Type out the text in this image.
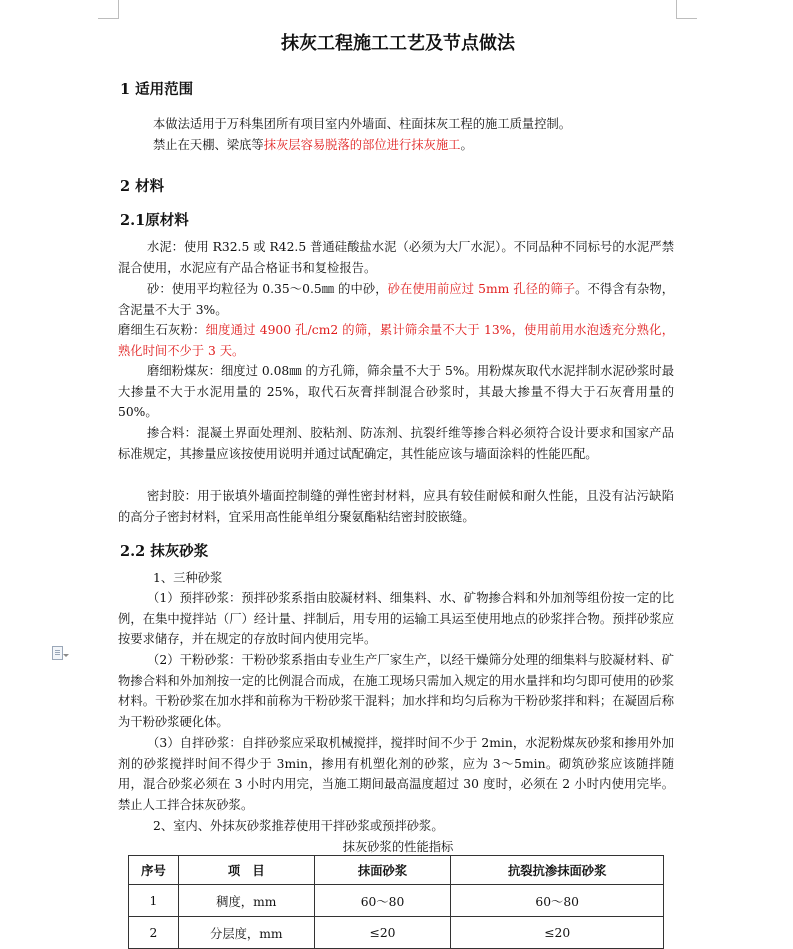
抹灰工程施工工艺及节点做法
1 适用范围
本做法适用于万科集团所有项目室内外墙面、柱面抹灰工程的施工质量控制。
禁止在天棚、梁底等抹灰层容易脱落的部位进行抹灰施工。
2 材料
2.1原材料
水泥：使用 R32.5 或 R42.5 普通硅酸盐水泥（必须为大厂水泥）。不同品种不同标号的水泥严禁混合使用，水泥应有产品合格证书和复检报告。
砂：使用平均粒径为 0.35～0.5㎜ 的中砂，砂在使用前应过 5mm 孔径的筛子。不得含有杂物，含泥量不大于 3%。
磨细生石灰粉：细度通过 4900 孔/cm2 的筛，累计筛余量不大于 13%，使用前用水泡透充分熟化，熟化时间不少于 3 天。
磨细粉煤灰：细度过 0.08㎜ 的方孔筛，筛余量不大于 5%。用粉煤灰取代水泥拌制水泥砂浆时最大掺量不大于水泥用量的 25%，取代石灰膏拌制混合砂浆时，其最大掺量不得大于石灰膏用量的 50%。
掺合料：混凝土界面处理剂、胶粘剂、防冻剂、抗裂纤维等掺合料必须符合设计要求和国家产品标准规定，其掺量应该按使用说明并通过试配确定，其性能应该与墙面涂料的性能匹配。
密封胶：用于嵌填外墙面控制缝的弹性密封材料，应具有较佳耐候和耐久性能，且没有沾污缺陷的高分子密封材料，宜采用高性能单组分聚氨酯粘结密封胶嵌缝。
2.2 抹灰砂浆
1、三种砂浆
（1）预拌砂浆：预拌砂浆系指由胶凝材料、细集料、水、矿物掺合料和外加剂等组份按一定的比例，在集中搅拌站（厂）经计量、拌制后，用专用的运输工具运至使用地点的砂浆拌合物。预拌砂浆应按要求储存，并在规定的存放时间内使用完毕。
（2）干粉砂浆：干粉砂浆系指由专业生产厂家生产，以经干燥筛分处理的细集料与胶凝材料、矿物掺合料和外加剂按一定的比例混合而成，在施工现场只需加入规定的用水量拌和均匀即可使用的砂浆材料。干粉砂浆在加水拌和前称为干粉砂浆干混料；加水拌和均匀后称为干粉砂浆拌和料；在凝固后称为干粉砂浆硬化体。
（3）自拌砂浆：自拌砂浆应采取机械搅拌，搅拌时间不少于 2min，水泥粉煤灰砂浆和掺用外加剂的砂浆搅拌时间不得少于 3min，掺用有机塑化剂的砂浆，应为 3～5min。砌筑砂浆应该随拌随用，混合砂浆必须在 3 小时内用完，当施工期间最高温度超过 30 度时，必须在 2 小时内使用完毕。禁止人工拌合抹灰砂浆。
2、室内、外抹灰砂浆推荐使用干拌砂浆或预拌砂浆。
抹灰砂浆的性能指标
序号	项　目	抹面砂浆	抗裂抗渗抹面砂浆
1	稠度，mm	60～80	60～80
2	分层度，mm	≤20	≤20
